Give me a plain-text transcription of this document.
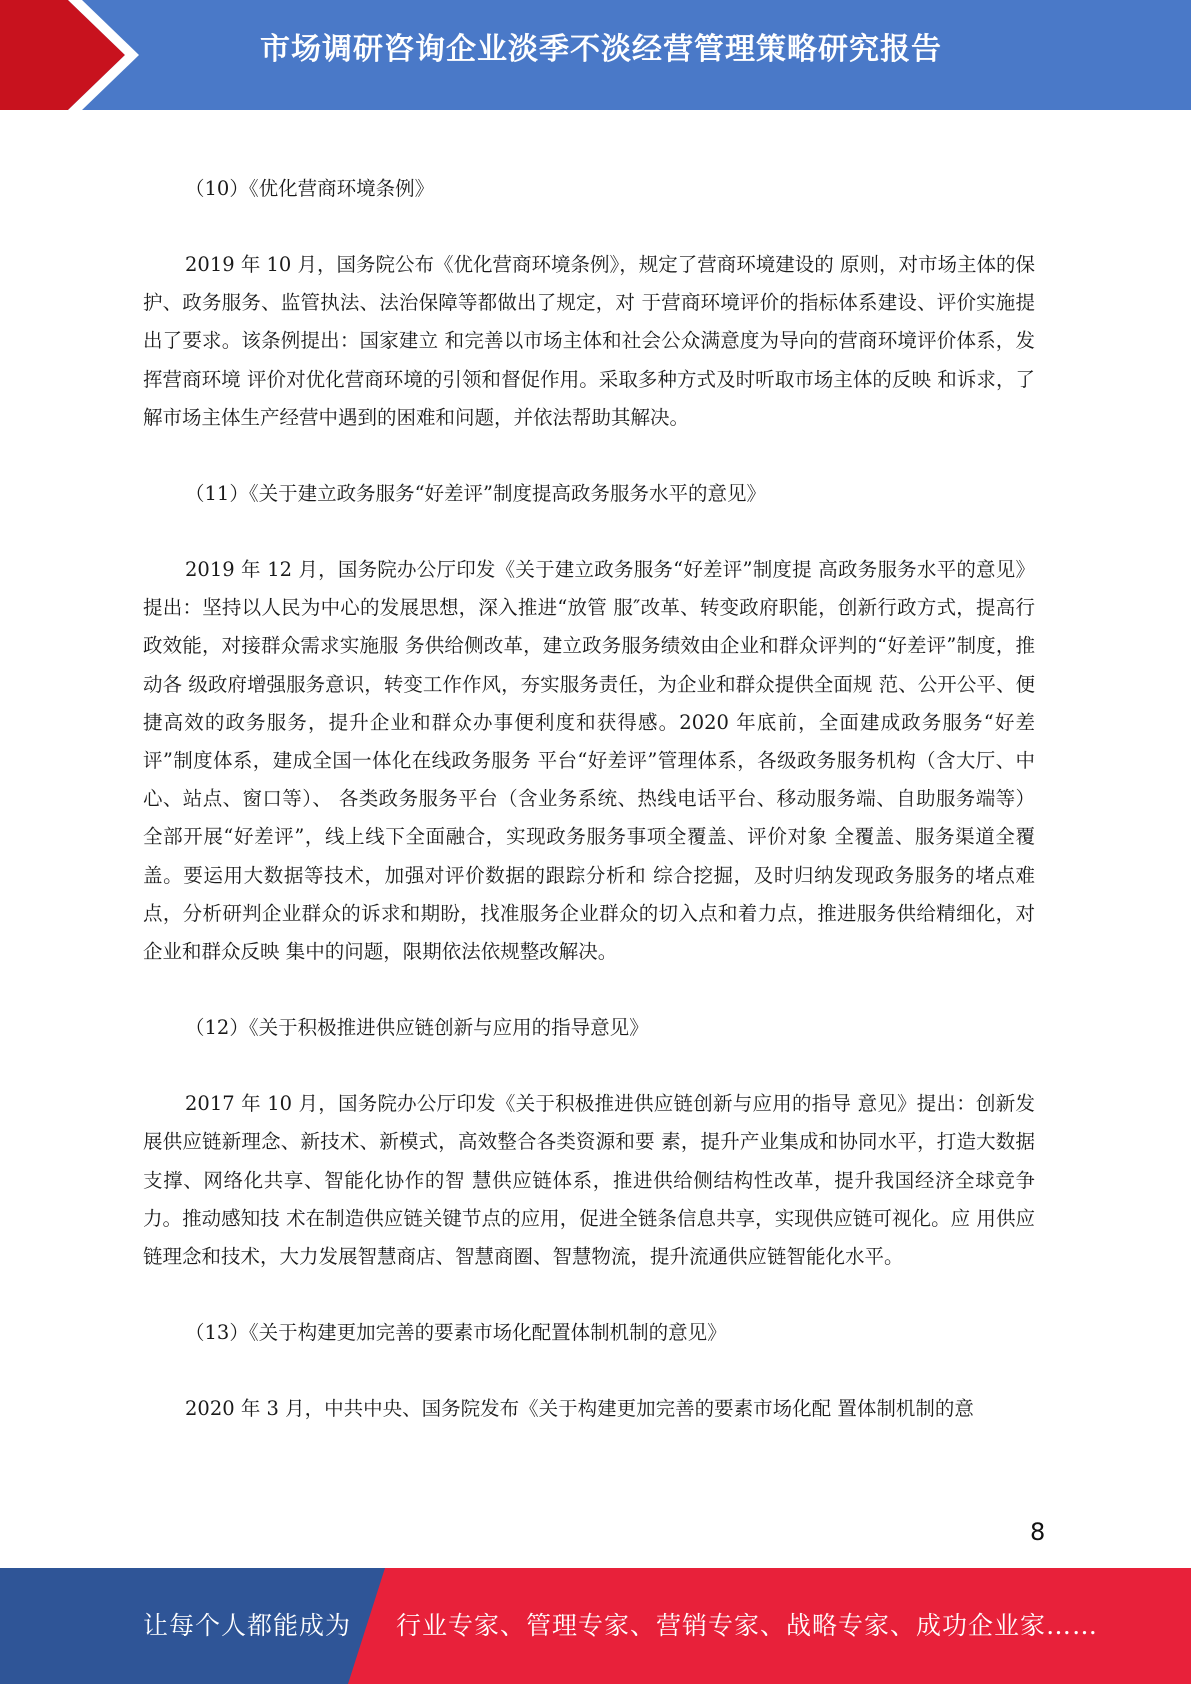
市场调研咨询企业淡季不淡经营管理策略研究报告

（10）《优化营商环境条例》

2019 年 10 月，国务院公布《优化营商环境条例》，规定了营商环境建设的 原则，对市场主体的保护、政务服务、监管执法、法治保障等都做出了规定，对 于营商环境评价的指标体系建设、评价实施提出了要求。该条例提出：国家建立 和完善以市场主体和社会公众满意度为导向的营商环境评价体系，发挥营商环境 评价对优化营商环境的引领和督促作用。采取多种方式及时听取市场主体的反映 和诉求，了解市场主体生产经营中遇到的困难和问题，并依法帮助其解决。

（11）《关于建立政务服务“好差评”制度提高政务服务水平的意见》

2019 年 12 月，国务院办公厅印发《关于建立政务服务“好差评”制度提 高政务服务水平的意见》提出：坚持以人民为中心的发展思想，深入推进“放管 服″改革、转变政府职能，创新行政方式，提高行政效能，对接群众需求实施服 务供给侧改革，建立政务服务绩效由企业和群众评判的“好差评”制度，推动各 级政府增强服务意识，转变工作作风，夯实服务责任，为企业和群众提供全面规 范、公开公平、便捷高效的政务服务，提升企业和群众办事便利度和获得感。2020 年底前，全面建成政务服务“好差评”制度体系，建成全国一体化在线政务服务 平台“好差评”管理体系，各级政务服务机构（含大厅、中心、站点、窗口等）、 各类政务服务平台（含业务系统、热线电话平台、移动服务端、自助服务端等） 全部开展“好差评”，线上线下全面融合，实现政务服务事项全覆盖、评价对象 全覆盖、服务渠道全覆盖。要运用大数据等技术，加强对评价数据的跟踪分析和 综合挖掘，及时归纳发现政务服务的堵点难点，分析研判企业群众的诉求和期盼，找准服务企业群众的切入点和着力点，推进服务供给精细化，对企业和群众反映 集中的问题，限期依法依规整改解决。

（12）《关于积极推进供应链创新与应用的指导意见》

2017 年 10 月，国务院办公厅印发《关于积极推进供应链创新与应用的指导 意见》提出：创新发展供应链新理念、新技术、新模式，高效整合各类资源和要 素，提升产业集成和协同水平，打造大数据支撑、网络化共享、智能化协作的智 慧供应链体系，推进供给侧结构性改革，提升我国经济全球竞争力。推动感知技 术在制造供应链关键节点的应用，促进全链条信息共享，实现供应链可视化。应 用供应链理念和技术，大力发展智慧商店、智慧商圈、智慧物流，提升流通供应链智能化水平。

（13）《关于构建更加完善的要素市场化配置体制机制的意见》

2020 年 3 月，中共中央、国务院发布《关于构建更加完善的要素市场化配 置体制机制的意

8
让每个人都能成为 行业专家、管理专家、营销专家、战略专家、成功企业家……
